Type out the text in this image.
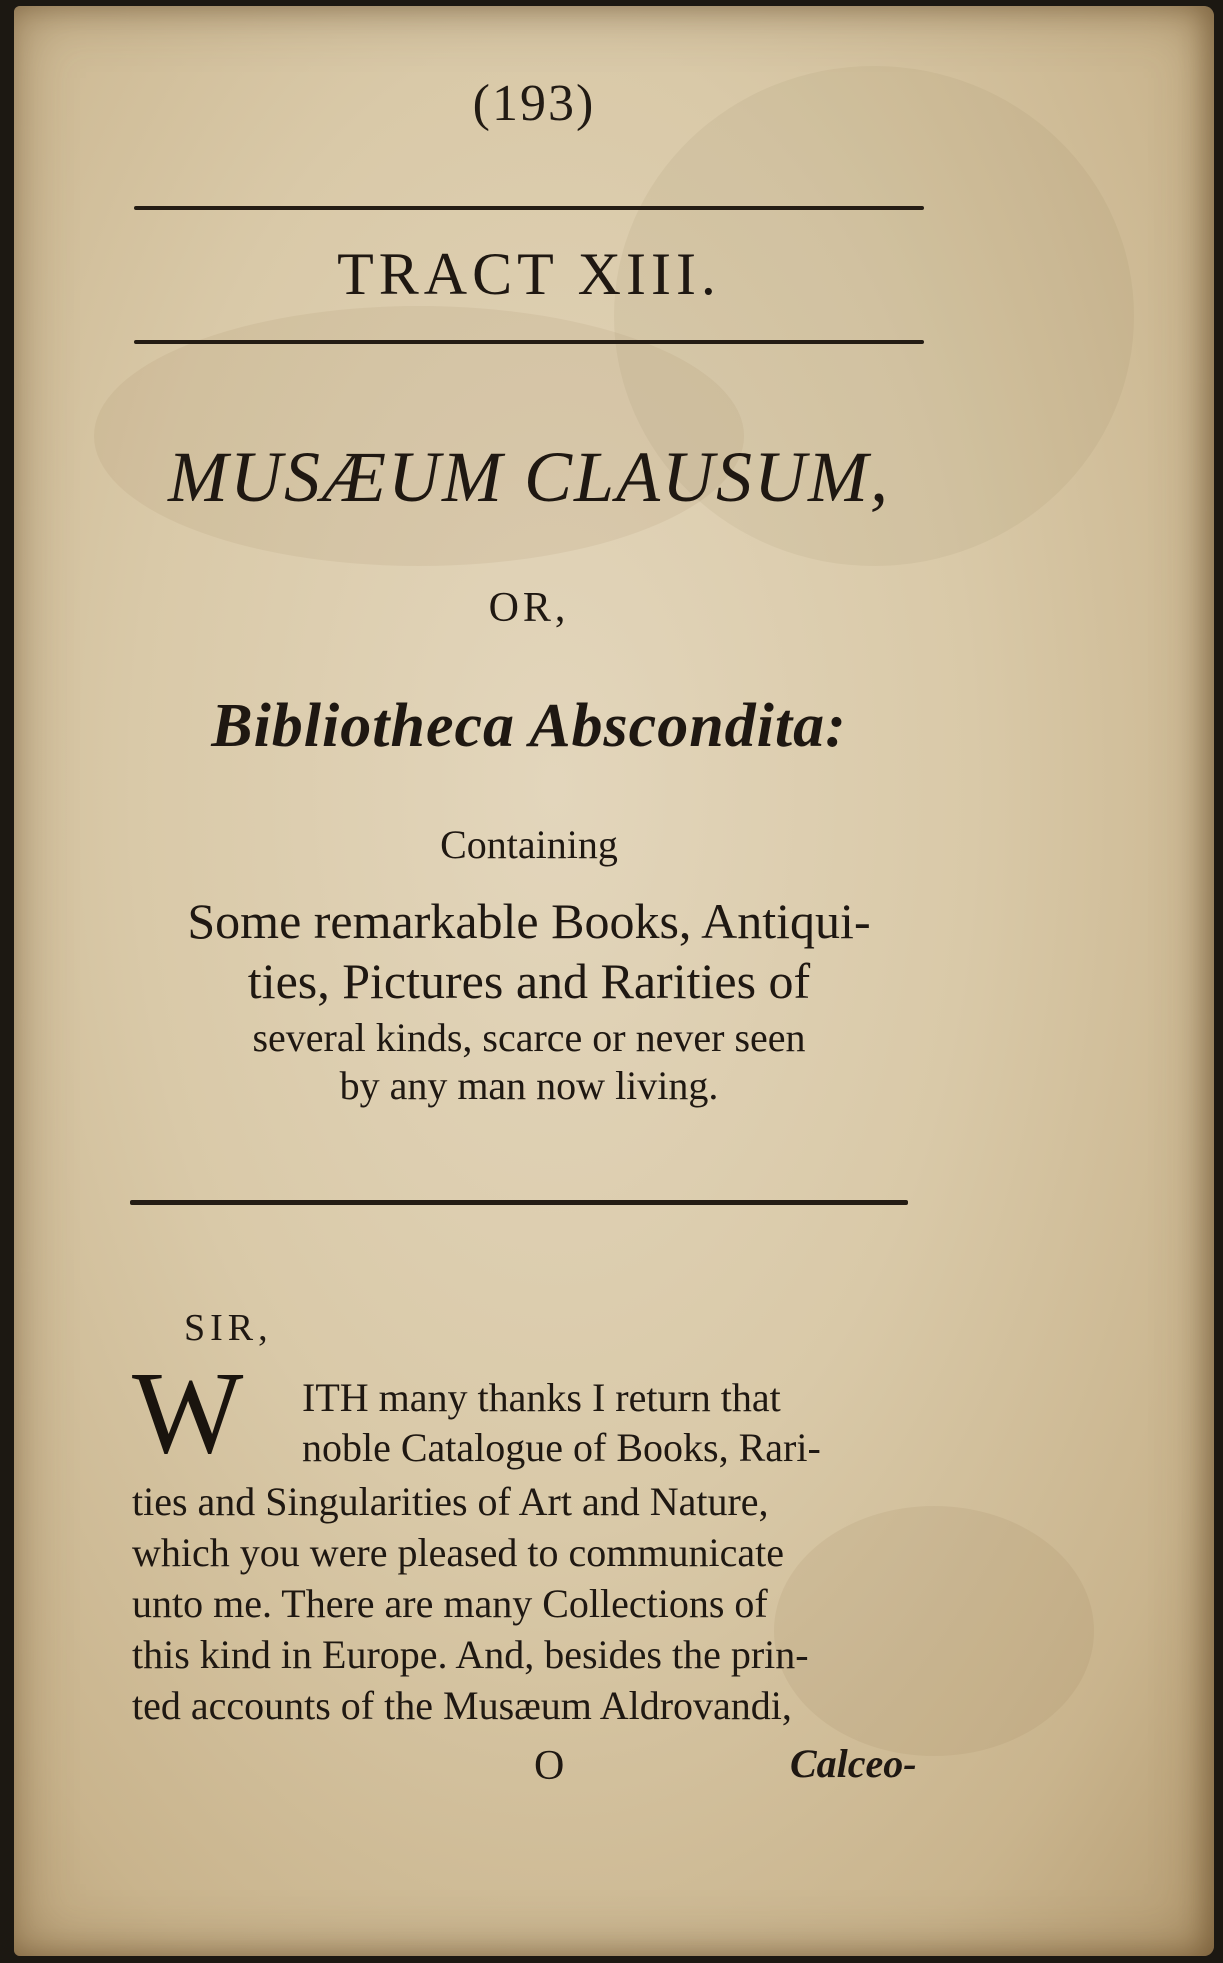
(193)
TRACT XIII.
MUSÆUM CLAUSUM,
OR,
Bibliotheca Abscondita:
Containing
Some remarkable Books, Antiqui-
ties, Pictures and Rarities of
several kinds, scarce or never seen
by any man now living.
SIR,
W ITH many thanks I return that
noble Catalogue of Books, Rari-
ties and Singularities of Art and Nature,
which you were pleased to communicate
unto me. There are many Collections of
this kind in Europe. And, besides the prin-
ted accounts of the Musæum Aldrovandi,
O	Calceo-
